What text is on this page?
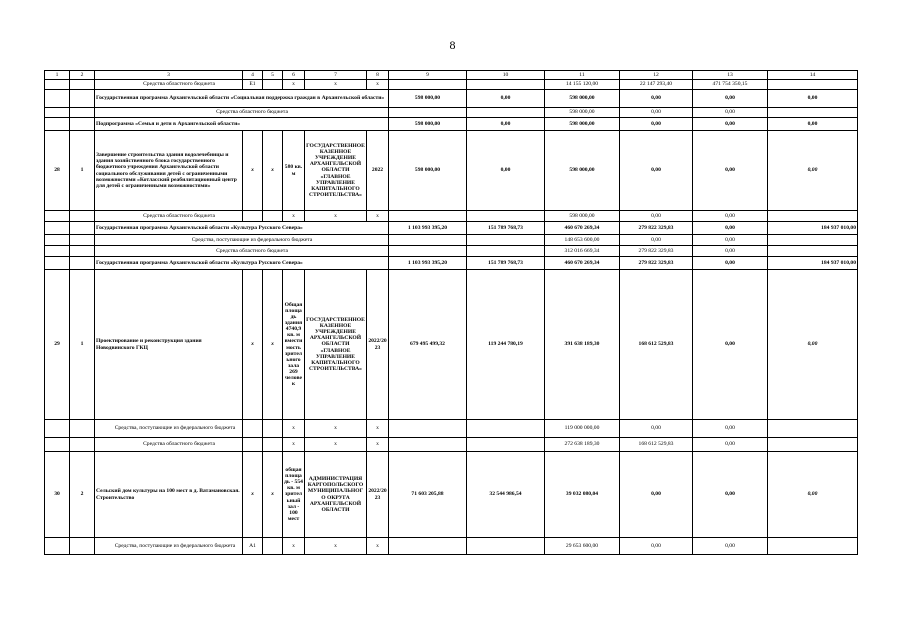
8
1	2	3	4	5	6	7	8	9	10	11	12	13	14
		Средства областного бюджета	E1		х	х	х			14 155 120,00	22 147 293,40	471 754 350,15	
		Государственная программа Архангельской области «Социальная поддержка граждан в Архангельской области»						598 000,00	0,00	598 000,00	0,00	0,00	0,00
		Средства областного бюджета								598 000,00	0,00	0,00	
		Подпрограмма «Семья и дети в Архангельской области»						598 000,00	0,00	598 000,00	0,00	0,00	0,00
28	1	Завершение строительства здания водолечебницы и здания хозяйственного блока государственного бюджетного учреждения Архангельской области социального обслуживания детей с ограниченными возможностями «Котласский реабилитационный центр для детей с ограниченными возможностями»	х	х	580 кв. м	ГОСУДАРСТВЕННОЕ КАЗЕННОЕ УЧРЕЖДЕНИЕ АРХАНГЕЛЬСКОЙ ОБЛАСТИ «ГЛАВНОЕ УПРАВЛЕНИЕ КАПИТАЛЬНОГО СТРОИТЕЛЬСТВА»	2022	598 000,00	0,00	598 000,00	0,00	0,00	0,00
		Средства областного бюджета			х	х	х			598 000,00	0,00	0,00	
		Государственная программа Архангельской области «Культура Русского Севера»						1 103 993 395,20	151 789 768,73	460 670 269,34	279 822 329,83	0,00	184 937 010,00
		Средства, поступающие из федерального бюджета								148 653 600,00	0,00	0,00	
		Средства областного бюджета								312 016 669,34	279 822 329,83	0,00	
		Государственная программа Архангельской области «Культура Русского Севера»						1 103 993 395,20	151 789 768,73	460 670 269,34	279 822 329,83	0,00	184 937 010,00
29	1	Проектирование и реконструкция здания Новодвинского ГКЦ	х	х	Общая площадь здания 4740,9 кв. м вместимость зрительного зала 269 человек	ГОСУДАРСТВЕННОЕ КАЗЕННОЕ УЧРЕЖДЕНИЕ АРХАНГЕЛЬСКОЙ ОБЛАСТИ «ГЛАВНОЕ УПРАВЛЕНИЕ КАПИТАЛЬНОГО СТРОИТЕЛЬСТВА»	2022/2023	679 495 499,32	119 244 780,19	391 638 189,30	168 612 529,83	0,00	0,00
		Средства, поступающие из федерального бюджета			х	х	х			119 000 000,00	0,00	0,00	
		Средства областного бюджета			х	х	х			272 638 189,30	168 612 529,83	0,00	
30	2	Сельский дом культуры на 100 мест в д. Ватамановская. Строительство	х	х	общая площадь - 554 кв. м зрительный зал - 100 мест	АДМИНИСТРАЦИЯ КАРГОПОЛЬСКОГО МУНИЦИПАЛЬНОГО ОКРУГА АРХАНГЕЛЬСКОЙ ОБЛАСТИ	2022/2023	71 603 205,88	32 544 986,54	39 032 080,04	0,00	0,00	0,00
		Средства, поступающие из федерального бюджета	A1		х	х	х			29 653 600,00	0,00	0,00	
